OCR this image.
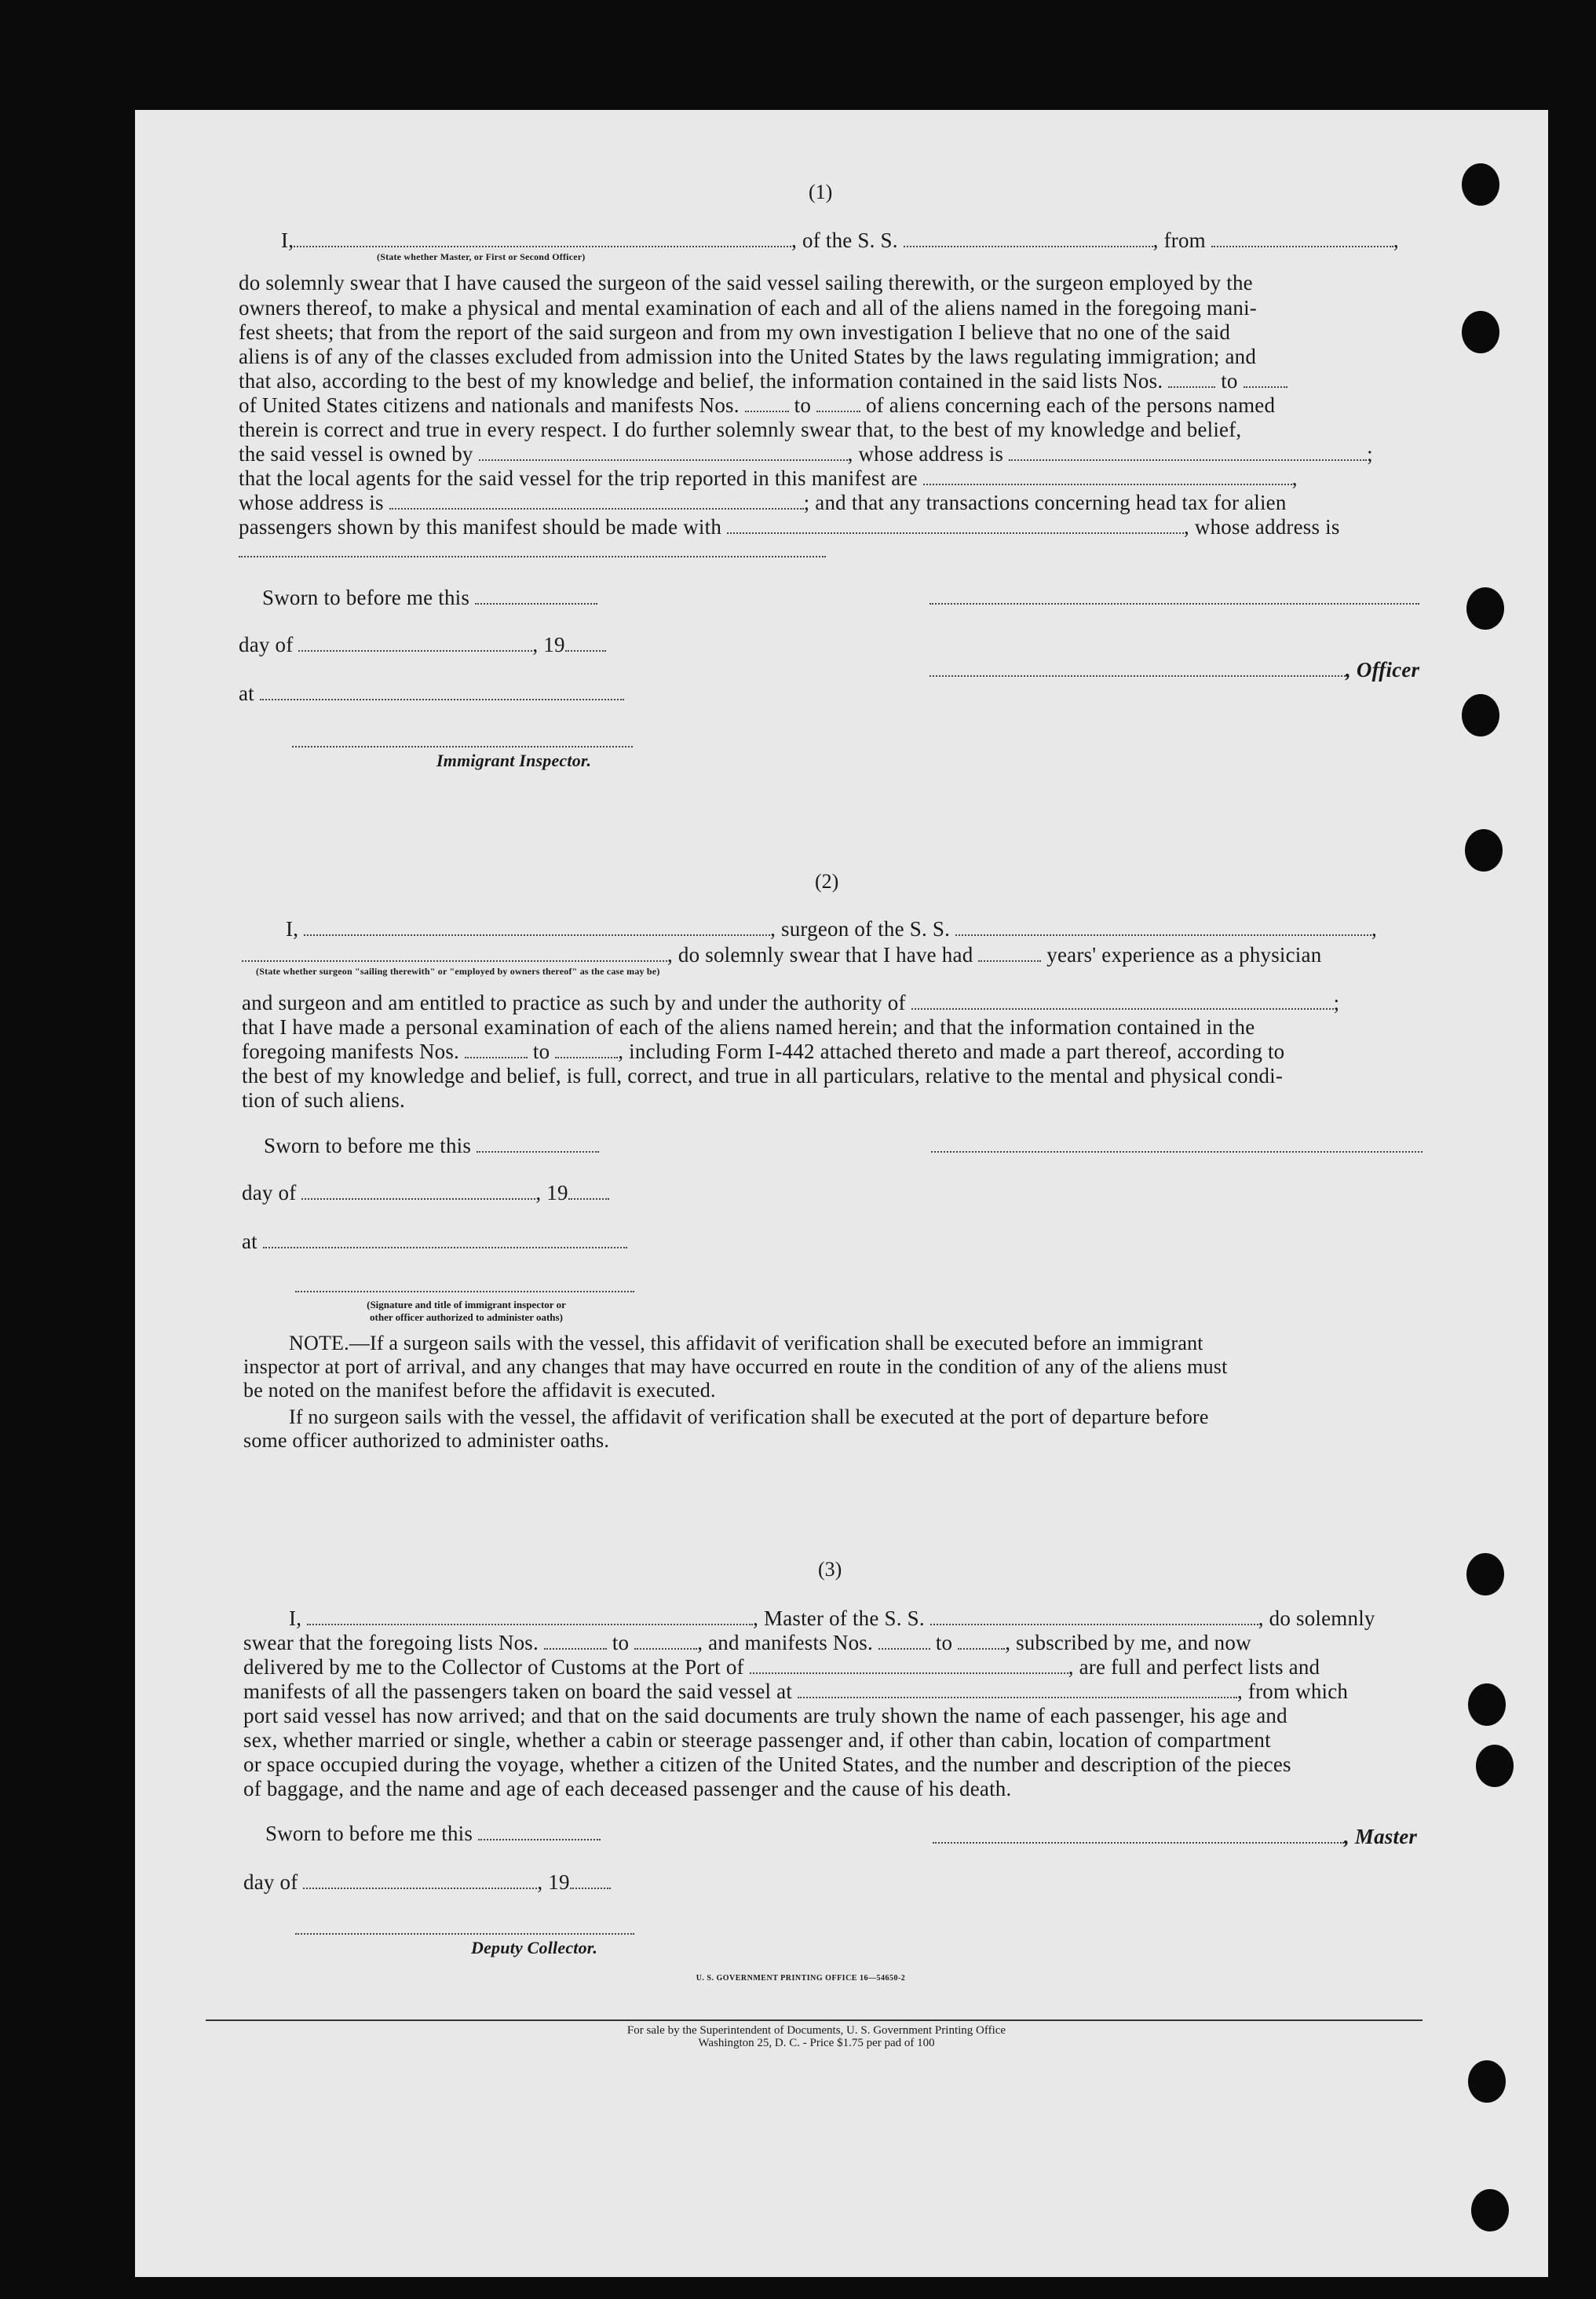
(1)
I,	, of the S. S.	, from	,
(State whether Master, or First or Second Officer)
do solemnly swear that I have caused the surgeon of the said vessel sailing therewith, or the surgeon employed by the
owners thereof, to make a physical and mental examination of each and all of the aliens named in the foregoing mani-
fest sheets; that from the report of the said surgeon and from my own investigation I believe that no one of the said
aliens is of any of the classes excluded from admission into the United States by the laws regulating immigration; and
that also, according to the best of my knowledge and belief, the information contained in the said lists Nos.	to
of United States citizens and nationals and manifests Nos.	to	of aliens concerning each of the persons named
therein is correct and true in every respect. I do further solemnly swear that, to the best of my knowledge and belief,
the said vessel is owned by	, whose address is	;
that the local agents for the said vessel for the trip reported in this manifest are	,
whose address is	; and that any transactions concerning head tax for alien
passengers shown by this manifest should be made with	, whose address is
Sworn to before me this
day of	, 19
, Officer
at
Immigrant Inspector.
(2)
I,	, surgeon of the S. S.	,
, do solemnly swear that I have had	years' experience as a physician
(State whether surgeon "sailing therewith" or "employed by owners thereof" as the case may be)
and surgeon and am entitled to practice as such by and under the authority of	;
that I have made a personal examination of each of the aliens named herein; and that the information contained in the
foregoing manifests Nos.	to	, including Form I-442 attached thereto and made a part thereof, according to
the best of my knowledge and belief, is full, correct, and true in all particulars, relative to the mental and physical condi-
tion of such aliens.
Sworn to before me this
day of	, 19
at
(Signature and title of immigrant inspector or
other officer authorized to administer oaths)
NOTE.—If a surgeon sails with the vessel, this affidavit of verification shall be executed before an immigrant
inspector at port of arrival, and any changes that may have occurred en route in the condition of any of the aliens must
be noted on the manifest before the affidavit is executed.
If no surgeon sails with the vessel, the affidavit of verification shall be executed at the port of departure before
some officer authorized to administer oaths.
(3)
I,	, Master of the S. S.	, do solemnly
swear that the foregoing lists Nos.	to	, and manifests Nos.	to , subscribed by me, and now
delivered by me to the Collector of Customs at the Port of	, are full and perfect lists and
manifests of all the passengers taken on board the said vessel at	, from which
port said vessel has now arrived; and that on the said documents are truly shown the name of each passenger, his age and
sex, whether married or single, whether a cabin or steerage passenger and, if other than cabin, location of compartment
or space occupied during the voyage, whether a citizen of the United States, and the number and description of the pieces
of baggage, and the name and age of each deceased passenger and the cause of his death.
Sworn to before me this	, Master
day of	, 19
Deputy Collector.
U. S. GOVERNMENT PRINTING OFFICE 16—54650-2
For sale by the Superintendent of Documents, U. S. Government Printing Office
Washington 25, D. C. - Price $1.75 per pad of 100
